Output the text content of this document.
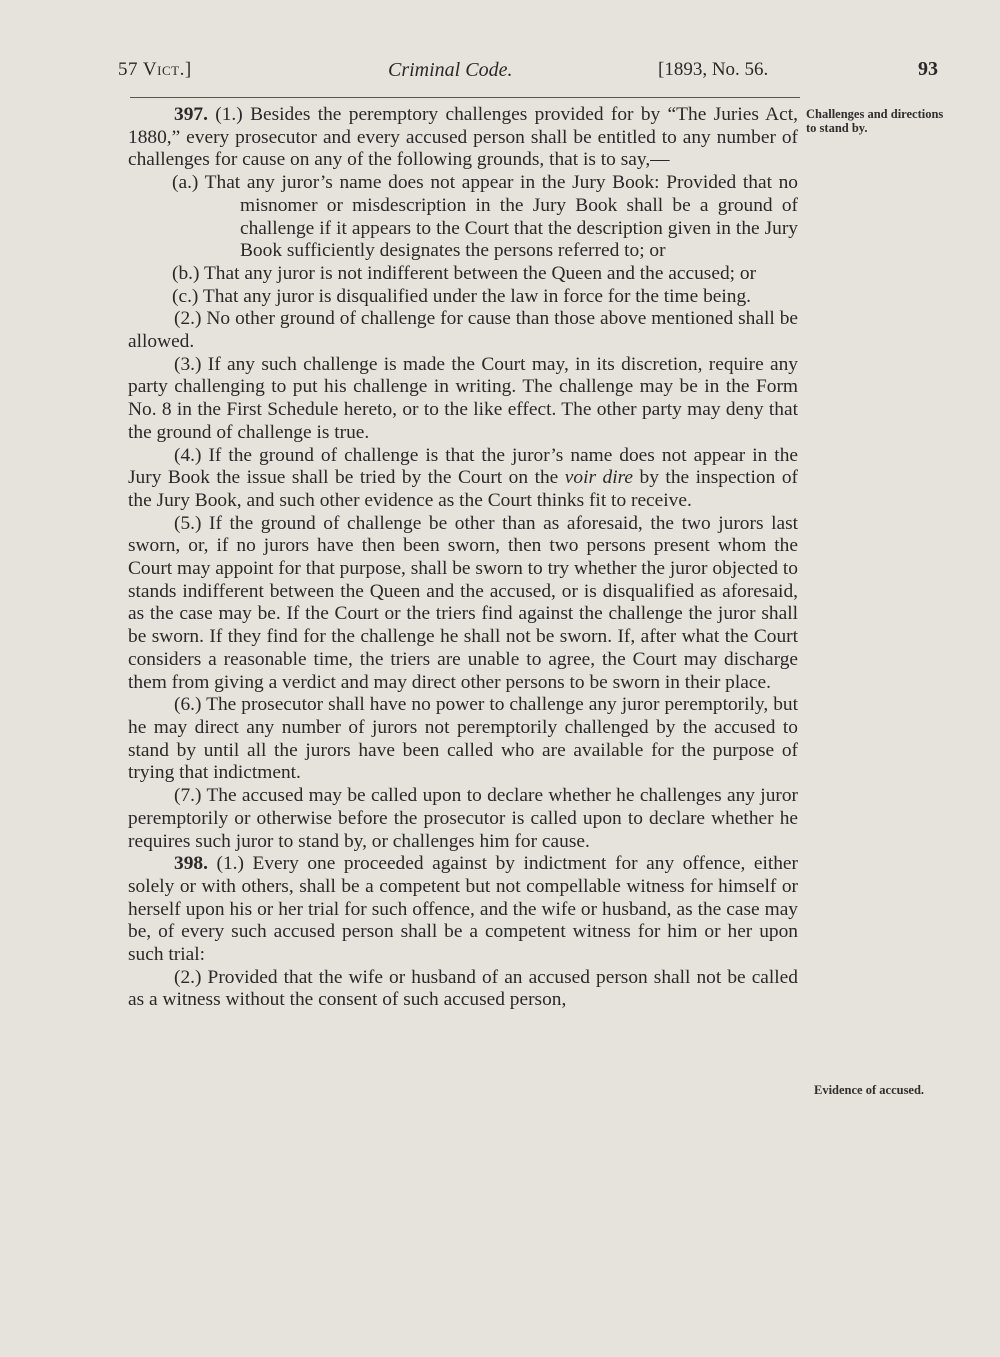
57 Vict.]	Criminal Code.	[1893, No. 56.	93
Challenges and directions to stand by.
Evidence of accused.

397. (1.) Besides the peremptory challenges provided for by “The Juries Act, 1880,” every prosecutor and every accused person shall be entitled to any number of challenges for cause on any of the following grounds, that is to say,—

(a.) That any juror’s name does not appear in the Jury Book: Provided that no misnomer or misdescription in the Jury Book shall be a ground of challenge if it appears to the Court that the description given in the Jury Book sufficiently designates the persons referred to; or

(b.) That any juror is not indifferent between the Queen and the accused; or

(c.) That any juror is disqualified under the law in force for the time being.

(2.) No other ground of challenge for cause than those above mentioned shall be allowed.

(3.) If any such challenge is made the Court may, in its discretion, require any party challenging to put his challenge in writing. The challenge may be in the Form No. 8 in the First Schedule hereto, or to the like effect. The other party may deny that the ground of challenge is true.

(4.) If the ground of challenge is that the juror’s name does not appear in the Jury Book the issue shall be tried by the Court on the voir dire by the inspection of the Jury Book, and such other evidence as the Court thinks fit to receive.

(5.) If the ground of challenge be other than as aforesaid, the two jurors last sworn, or, if no jurors have then been sworn, then two persons present whom the Court may appoint for that purpose, shall be sworn to try whether the juror objected to stands indifferent between the Queen and the accused, or is disqualified as aforesaid, as the case may be. If the Court or the triers find against the challenge the juror shall be sworn. If they find for the challenge he shall not be sworn. If, after what the Court considers a reasonable time, the triers are unable to agree, the Court may discharge them from giving a verdict and may direct other persons to be sworn in their place.

(6.) The prosecutor shall have no power to challenge any juror peremptorily, but he may direct any number of jurors not peremptorily challenged by the accused to stand by until all the jurors have been called who are available for the purpose of trying that indictment.

(7.) The accused may be called upon to declare whether he challenges any juror peremptorily or otherwise before the prosecutor is called upon to declare whether he requires such juror to stand by, or challenges him for cause.

398. (1.) Every one proceeded against by indictment for any offence, either solely or with others, shall be a competent but not compellable witness for himself or herself upon his or her trial for such offence, and the wife or husband, as the case may be, of every such accused person shall be a competent witness for him or her upon such trial:

(2.) Provided that the wife or husband of an accused person shall not be called as a witness without the consent of such accused person,
